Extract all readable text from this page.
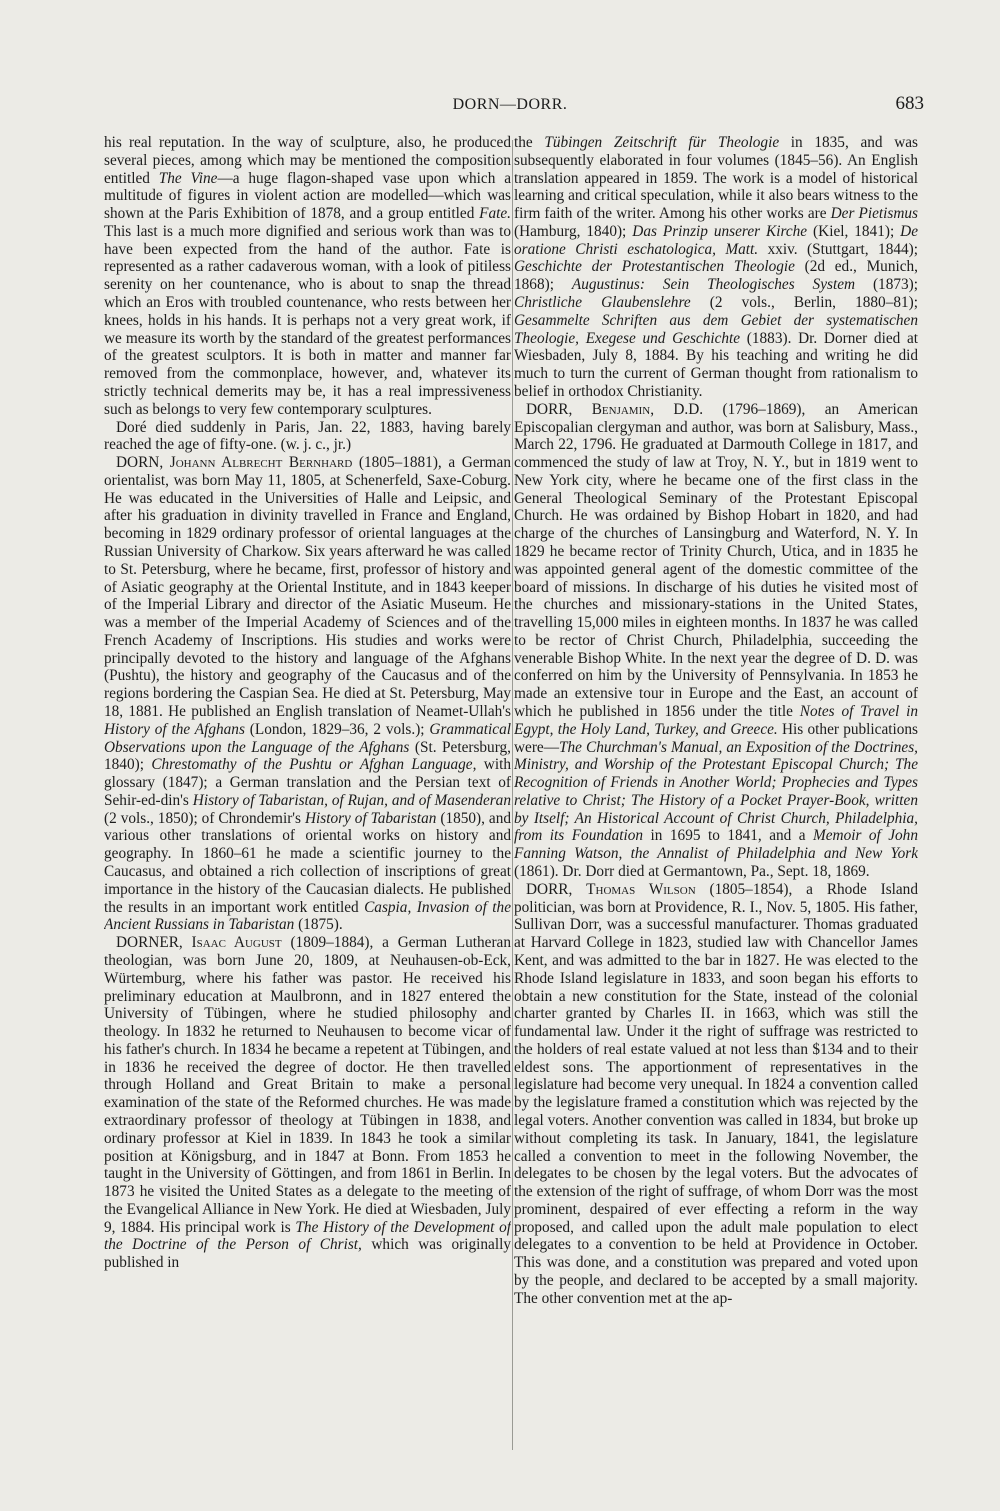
DORN—DORR.	683

his real reputation. In the way of sculpture, also, he produced several pieces, among which may be mentioned the composition entitled The Vine—a huge flagon-shaped vase upon which a multitude of figures in violent action are modelled—which was shown at the Paris Exhibition of 1878, and a group entitled Fate. This last is a much more dignified and serious work than was to have been expected from the hand of the author. Fate is represented as a rather cadaverous woman, with a look of pitiless serenity on her countenance, who is about to snap the thread which an Eros with troubled countenance, who rests between her knees, holds in his hands. It is perhaps not a very great work, if we measure its worth by the standard of the greatest performances of the greatest sculptors. It is both in matter and manner far removed from the commonplace, however, and, whatever its strictly technical demerits may be, it has a real impressiveness such as belongs to very few contemporary sculptures.

Doré died suddenly in Paris, Jan. 22, 1883, having barely reached the age of fifty-one. (w. j. c., jr.)

DORN, Johann Albrecht Bernhard (1805–1881), a German orientalist, was born May 11, 1805, at Schenerfeld, Saxe-Coburg. He was educated in the Universities of Halle and Leipsic, and after his graduation in divinity travelled in France and England, becoming in 1829 ordinary professor of oriental languages at the Russian University of Charkow. Six years afterward he was called to St. Petersburg, where he became, first, professor of history and of Asiatic geography at the Oriental Institute, and in 1843 keeper of the Imperial Library and director of the Asiatic Museum. He was a member of the Imperial Academy of Sciences and of the French Academy of Inscriptions. His studies and works were principally devoted to the history and language of the Afghans (Pushtu), the history and geography of the Caucasus and of the regions bordering the Caspian Sea. He died at St. Petersburg, May 18, 1881. He published an English translation of Neamet-Ullah's History of the Afghans (London, 1829–36, 2 vols.); Grammatical Observations upon the Language of the Afghans (St. Petersburg, 1840); Chrestomathy of the Pushtu or Afghan Language, with glossary (1847); a German translation and the Persian text of Sehir-ed-din's History of Tabaristan, of Rujan, and of Masenderan (2 vols., 1850); of Chrondemir's History of Tabaristan (1850), and various other translations of oriental works on history and geography. In 1860–61 he made a scientific journey to the Caucasus, and obtained a rich collection of inscriptions of great importance in the history of the Caucasian dialects. He published the results in an important work entitled Caspia, Invasion of the Ancient Russians in Tabaristan (1875).

DORNER, Isaac August (1809–1884), a German Lutheran theologian, was born June 20, 1809, at Neuhausen-ob-Eck, Würtemburg, where his father was pastor. He received his preliminary education at Maulbronn, and in 1827 entered the University of Tübingen, where he studied philosophy and theology. In 1832 he returned to Neuhausen to become vicar of his father's church. In 1834 he became a repetent at Tübingen, and in 1836 he received the degree of doctor. He then travelled through Holland and Great Britain to make a personal examination of the state of the Reformed churches. He was made extraordinary professor of theology at Tübingen in 1838, and ordinary professor at Kiel in 1839. In 1843 he took a similar position at Königsburg, and in 1847 at Bonn. From 1853 he taught in the University of Göttingen, and from 1861 in Berlin. In 1873 he visited the United States as a delegate to the meeting of the Evangelical Alliance in New York. He died at Wiesbaden, July 9, 1884. His principal work is The History of the Development of the Doctrine of the Person of Christ, which was originally published in

the Tübingen Zeitschrift für Theologie in 1835, and was subsequently elaborated in four volumes (1845–56). An English translation appeared in 1859. The work is a model of historical learning and critical speculation, while it also bears witness to the firm faith of the writer. Among his other works are Der Pietismus (Hamburg, 1840); Das Prinzip unserer Kirche (Kiel, 1841); De oratione Christi eschatologica, Matt. xxiv. (Stuttgart, 1844); Geschichte der Protestantischen Theologie (2d ed., Munich, 1868); Augustinus: Sein Theologisches System (1873); Christliche Glaubenslehre (2 vols., Berlin, 1880–81); Gesammelte Schriften aus dem Gebiet der systematischen Theologie, Exegese und Geschichte (1883). Dr. Dorner died at Wiesbaden, July 8, 1884. By his teaching and writing he did much to turn the current of German thought from rationalism to belief in orthodox Christianity.

DORR, Benjamin, D.D. (1796–1869), an American Episcopalian clergyman and author, was born at Salisbury, Mass., March 22, 1796. He graduated at Darmouth College in 1817, and commenced the study of law at Troy, N. Y., but in 1819 went to New York city, where he became one of the first class in the General Theological Seminary of the Protestant Episcopal Church. He was ordained by Bishop Hobart in 1820, and had charge of the churches of Lansingburg and Waterford, N. Y. In 1829 he became rector of Trinity Church, Utica, and in 1835 he was appointed general agent of the domestic committee of the board of missions. In discharge of his duties he visited most of the churches and missionary-stations in the United States, travelling 15,000 miles in eighteen months. In 1837 he was called to be rector of Christ Church, Philadelphia, succeeding the venerable Bishop White. In the next year the degree of D. D. was conferred on him by the University of Pennsylvania. In 1853 he made an extensive tour in Europe and the East, an account of which he published in 1856 under the title Notes of Travel in Egypt, the Holy Land, Turkey, and Greece. His other publications were—The Churchman's Manual, an Exposition of the Doctrines, Ministry, and Worship of the Protestant Episcopal Church; The Recognition of Friends in Another World; Prophecies and Types relative to Christ; The History of a Pocket Prayer-Book, written by Itself; An Historical Account of Christ Church, Philadelphia, from its Foundation in 1695 to 1841, and a Memoir of John Fanning Watson, the Annalist of Philadelphia and New York (1861). Dr. Dorr died at Germantown, Pa., Sept. 18, 1869.

DORR, Thomas Wilson (1805–1854), a Rhode Island politician, was born at Providence, R. I., Nov. 5, 1805. His father, Sullivan Dorr, was a successful manufacturer. Thomas graduated at Harvard College in 1823, studied law with Chancellor James Kent, and was admitted to the bar in 1827. He was elected to the Rhode Island legislature in 1833, and soon began his efforts to obtain a new constitution for the State, instead of the colonial charter granted by Charles II. in 1663, which was still the fundamental law. Under it the right of suffrage was restricted to the holders of real estate valued at not less than $134 and to their eldest sons. The apportionment of representatives in the legislature had become very unequal. In 1824 a convention called by the legislature framed a constitution which was rejected by the legal voters. Another convention was called in 1834, but broke up without completing its task. In January, 1841, the legislature called a convention to meet in the following November, the delegates to be chosen by the legal voters. But the advocates of the extension of the right of suffrage, of whom Dorr was the most prominent, despaired of ever effecting a reform in the way proposed, and called upon the adult male population to elect delegates to a convention to be held at Providence in October. This was done, and a constitution was prepared and voted upon by the people, and declared to be accepted by a small majority. The other convention met at the ap-
